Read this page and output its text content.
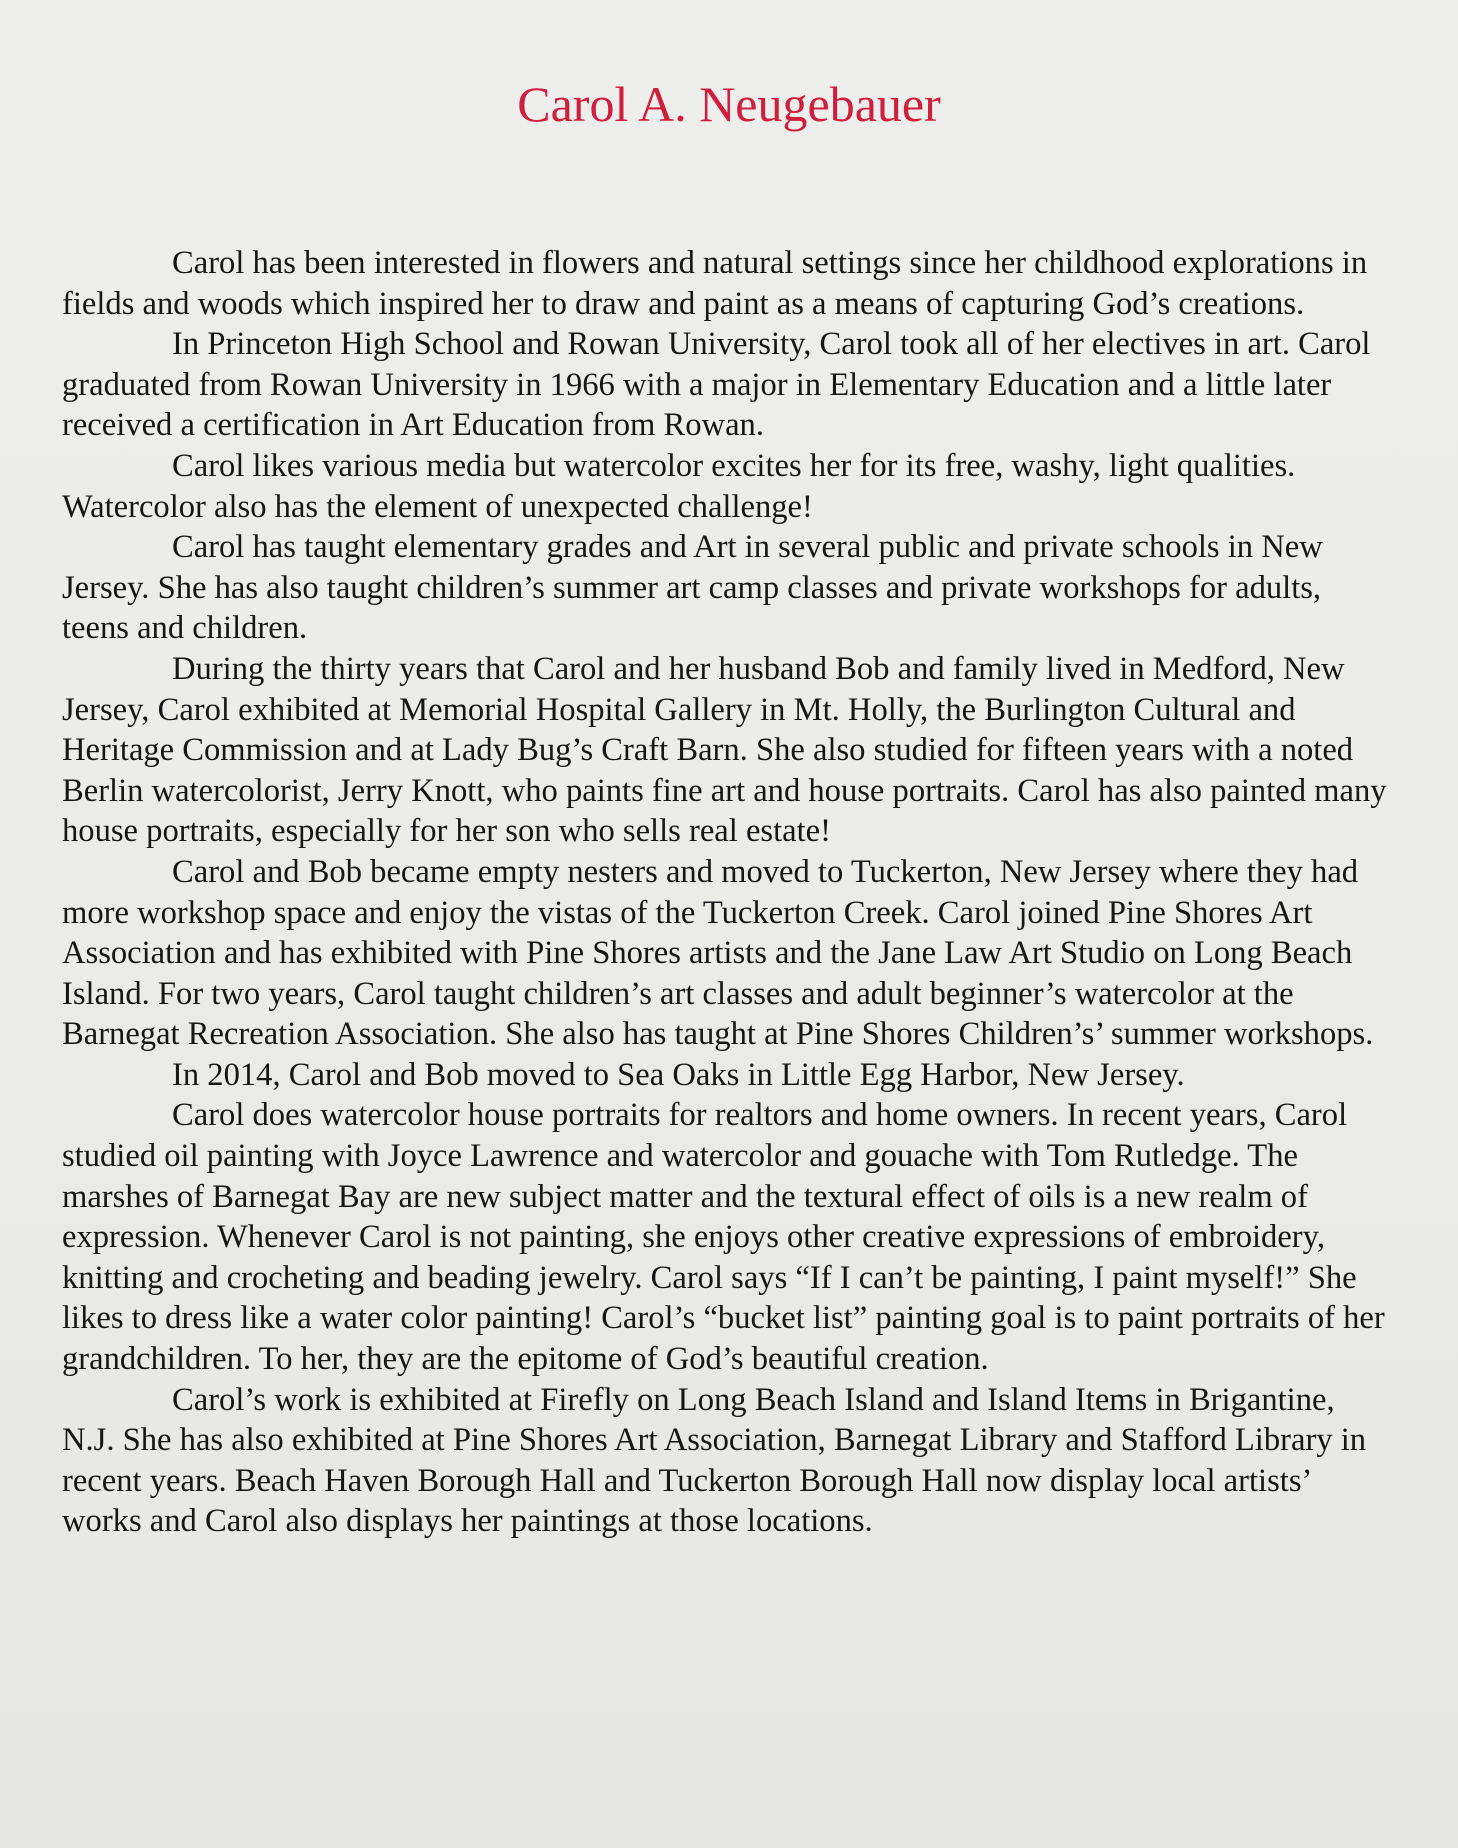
Carol A. Neugebauer

Carol has been interested in flowers and natural settings since her childhood explorations in fields and woods which inspired her to draw and paint as a means of capturing God’s creations.

In Princeton High School and Rowan University, Carol took all of her electives in art. Carol graduated from Rowan University in 1966 with a major in Elementary Education and a little later received a certification in Art Education from Rowan.

Carol likes various media but watercolor excites her for its free, washy, light qualities. Watercolor also has the element of unexpected challenge!

Carol has taught elementary grades and Art in several public and private schools in New Jersey. She has also taught children’s summer art camp classes and private workshops for adults, teens and children.

During the thirty years that Carol and her husband Bob and family lived in Medford, New Jersey, Carol exhibited at Memorial Hospital Gallery in Mt. Holly, the Burlington Cultural and Heritage Commission and at Lady Bug’s Craft Barn. She also studied for fifteen years with a noted Berlin watercolorist, Jerry Knott, who paints fine art and house portraits. Carol has also painted many house portraits, especially for her son who sells real estate!

Carol and Bob became empty nesters and moved to Tuckerton, New Jersey where they had more workshop space and enjoy the vistas of the Tuckerton Creek. Carol joined Pine Shores Art Association and has exhibited with Pine Shores artists and the Jane Law Art Studio on Long Beach Island. For two years, Carol taught children’s art classes and adult beginner’s watercolor at the Barnegat Recreation Association. She also has taught at Pine Shores Children’s’ summer workshops.

In 2014, Carol and Bob moved to Sea Oaks in Little Egg Harbor, New Jersey.

Carol does watercolor house portraits for realtors and home owners. In recent years, Carol studied oil painting with Joyce Lawrence and watercolor and gouache with Tom Rutledge. The marshes of Barnegat Bay are new subject matter and the textural effect of oils is a new realm of expression. Whenever Carol is not painting, she enjoys other creative expressions of embroidery, knitting and crocheting and beading jewelry. Carol says “If I can’t be painting, I paint myself!” She likes to dress like a water color painting! Carol’s “bucket list” painting goal is to paint portraits of her grandchildren. To her, they are the epitome of God’s beautiful creation.

Carol’s work is exhibited at Firefly on Long Beach Island and Island Items in Brigantine, N.J. She has also exhibited at Pine Shores Art Association, Barnegat Library and Stafford Library in recent years. Beach Haven Borough Hall and Tuckerton Borough Hall now display local artists’ works and Carol also displays her paintings at those locations.
